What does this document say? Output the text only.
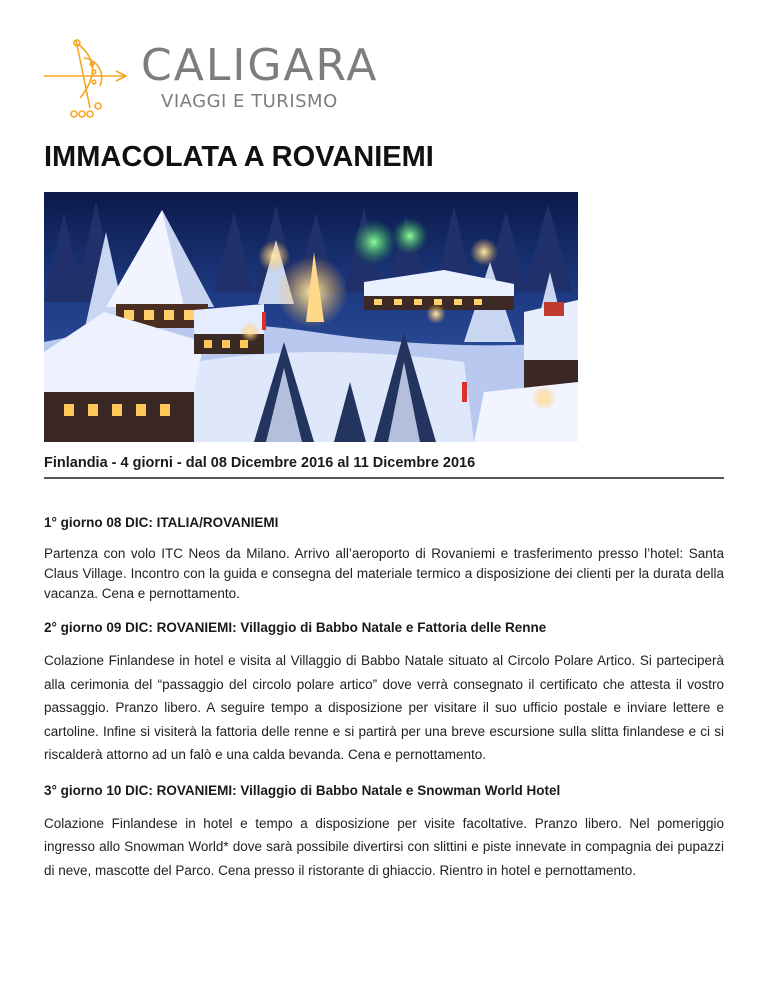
CALIGARA
VIAGGI E TURISMO
IMMACOLATA A ROVANIEMI
Finlandia - 4 giorni - dal 08 Dicembre 2016 al 11 Dicembre 2016

1° giorno 08 DIC: ITALIA/ROVANIEMI

Partenza con volo ITC Neos da Milano. Arrivo all’aeroporto di Rovaniemi e trasferimento presso l’hotel: Santa Claus Village. Incontro con la guida e consegna del materiale termico a disposizione dei clienti per la durata della vacanza. Cena e pernottamento.

2° giorno 09 DIC: ROVANIEMI: Villaggio di Babbo Natale e Fattoria delle Renne

Colazione Finlandese in hotel e visita al Villaggio di Babbo Natale situato al Circolo Polare Artico. Si parteciperà alla cerimonia del “passaggio del circolo polare artico” dove verrà consegnato il certificato che attesta il vostro passaggio. Pranzo libero. A seguire tempo a disposizione per visitare il suo ufficio postale e inviare lettere e cartoline. Infine si visiterà la fattoria delle renne e si partirà per una breve escursione sulla slitta finlandese e ci si riscalderà attorno ad un falò e una calda bevanda. Cena e pernottamento.

3° giorno 10 DIC: ROVANIEMI: Villaggio di Babbo Natale e Snowman World Hotel

Colazione Finlandese in hotel e tempo a disposizione per visite facoltative. Pranzo libero. Nel pomeriggio ingresso allo Snowman World* dove sarà possibile divertirsi con slittini e piste innevate in compagnia dei pupazzi di neve, mascotte del Parco. Cena presso il ristorante di ghiaccio. Rientro in hotel e pernottamento.
